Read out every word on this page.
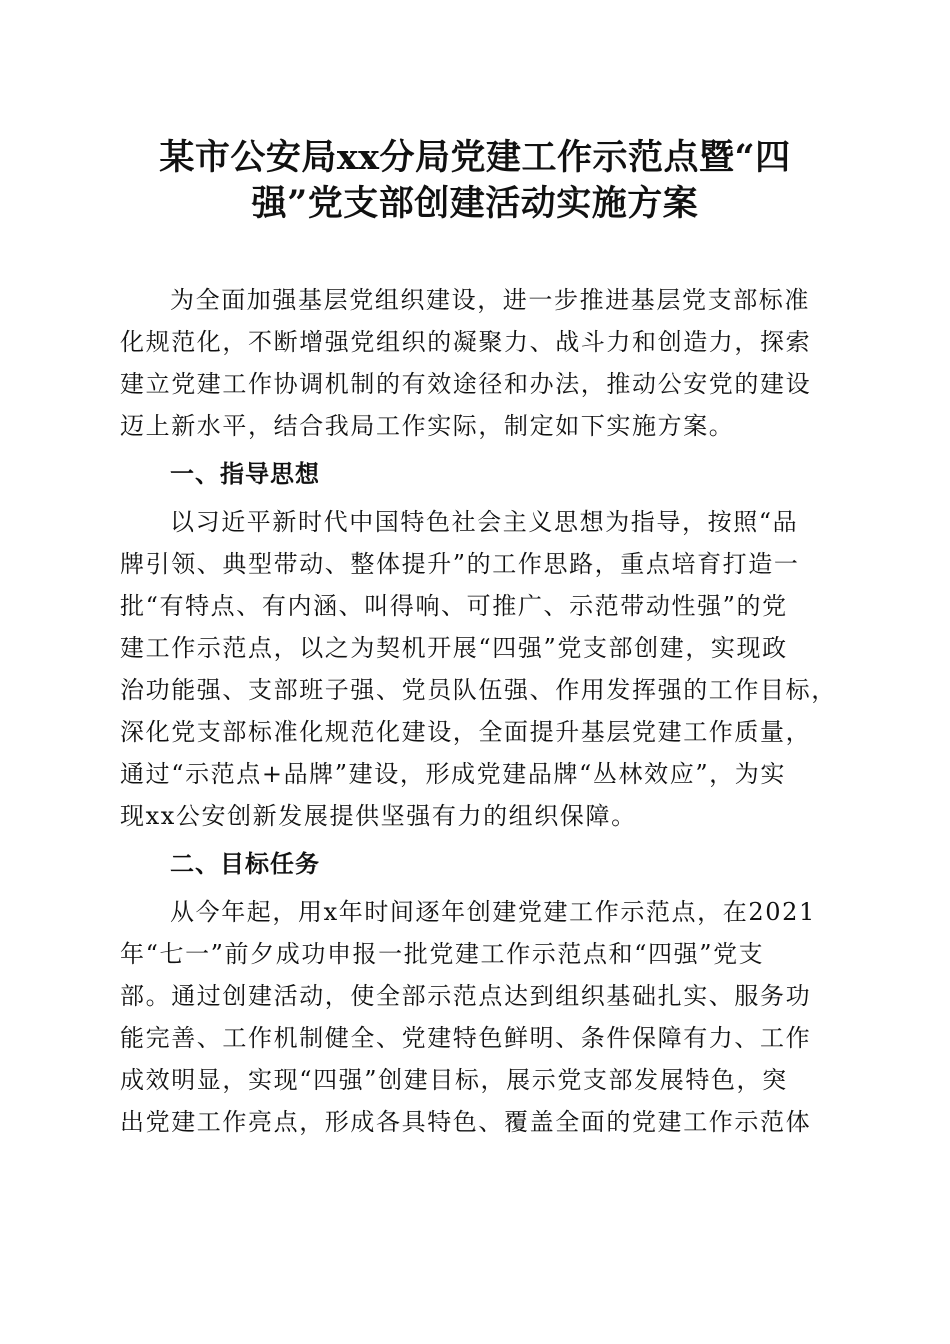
某市公安局xx分局党建工作示范点暨“四
强”党支部创建活动实施方案
为全面加强基层党组织建设，进一步推进基层党支部标准
化规范化，不断增强党组织的凝聚力、战斗力和创造力，探索
建立党建工作协调机制的有效途径和办法，推动公安党的建设
迈上新水平，结合我局工作实际，制定如下实施方案。
一、指导思想
以习近平新时代中国特色社会主义思想为指导，按照“品
牌引领、典型带动、整体提升”的工作思路，重点培育打造一
批“有特点、有内涵、叫得响、可推广、示范带动性强”的党
建工作示范点，以之为契机开展“四强”党支部创建，实现政
治功能强、支部班子强、党员队伍强、作用发挥强的工作目标，
深化党支部标准化规范化建设，全面提升基层党建工作质量，
通过“示范点+品牌”建设，形成党建品牌“丛林效应”，为实
现xx公安创新发展提供坚强有力的组织保障。
二、目标任务
从今年起，用x年时间逐年创建党建工作示范点，在2021
年“七一”前夕成功申报一批党建工作示范点和“四强”党支
部。通过创建活动，使全部示范点达到组织基础扎实、服务功
能完善、工作机制健全、党建特色鲜明、条件保障有力、工作
成效明显，实现“四强”创建目标，展示党支部发展特色，突
出党建工作亮点，形成各具特色、覆盖全面的党建工作示范体
